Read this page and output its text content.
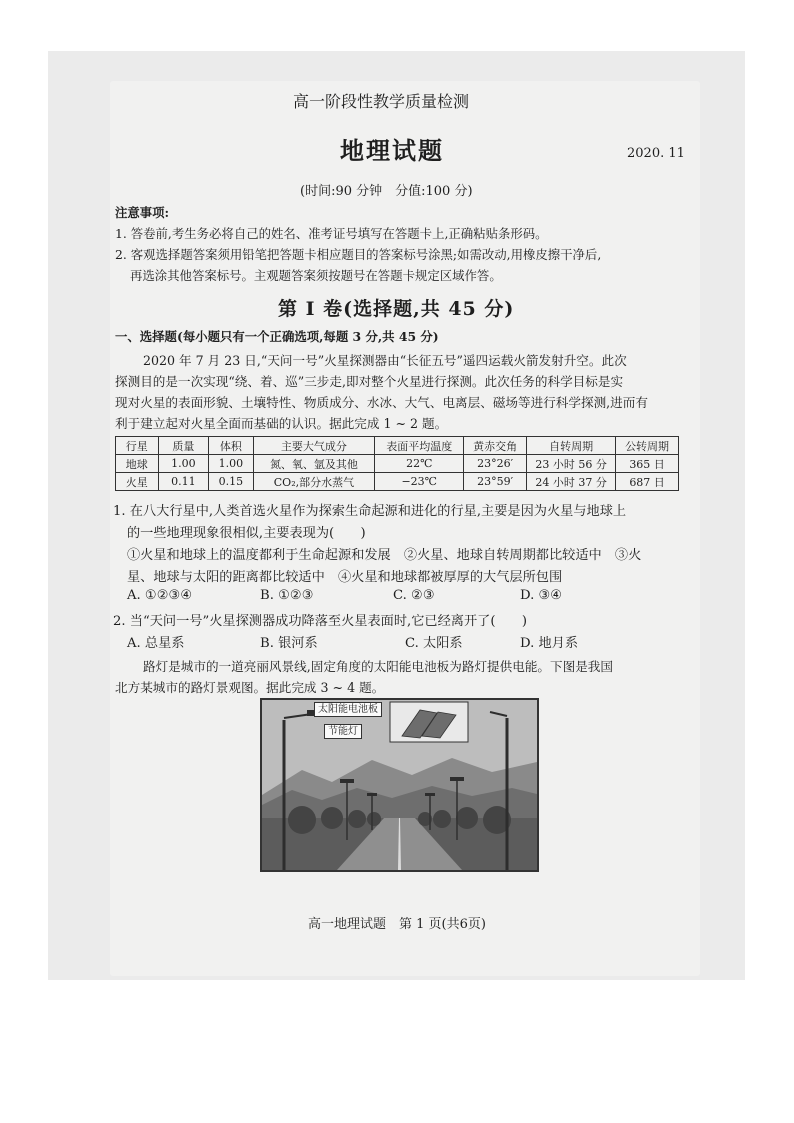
高一阶段性教学质量检测
地理试题	2020. 11
(时间:90 分钟　分值:100 分)
注意事项:
1. 答卷前,考生务必将自己的姓名、准考证号填写在答题卡上,正确粘贴条形码。
2. 客观选择题答案须用铅笔把答题卡相应题目的答案标号涂黑;如需改动,用橡皮擦干净后,
再选涂其他答案标号。主观题答案须按题号在答题卡规定区域作答。
第 I 卷(选择题,共 45 分)
一、选择题(每小题只有一个正确选项,每题 3 分,共 45 分)
2020 年 7 月 23 日,“天问一号”火星探测器由“长征五号”遥四运载火箭发射升空。此次
探测目的是一次实现“绕、着、巡”三步走,即对整个火星进行探测。此次任务的科学目标是实
现对火星的表面形貌、土壤特性、物质成分、水冰、大气、电离层、磁场等进行科学探测,进而有
利于建立起对火星全面而基础的认识。据此完成 1 ~ 2 题。
行星	质量	体积	主要大气成分	表面平均温度	黄赤交角	自转周期	公转周期
地球	1.00	1.00	氮、氧、氩及其他	22℃	23°26′	23 小时 56 分	365 日
火星	0.11	0.15	CO₂,部分水蒸气	−23℃	23°59′	24 小时 37 分	687 日
1. 在八大行星中,人类首选火星作为探索生命起源和进化的行星,主要是因为火星与地球上
的一些地理现象很相似,主要表现为(　　)
①火星和地球上的温度都利于生命起源和发展　②火星、地球自转周期都比较适中　③火
星、地球与太阳的距离都比较适中　④火星和地球都被厚厚的大气层所包围
A. ①②③④	B. ①②③	C. ②③	D. ③④
2. 当“天问一号”火星探测器成功降落至火星表面时,它已经离开了(　　)
A. 总星系	B. 银河系	C. 太阳系	D. 地月系
路灯是城市的一道亮丽风景线,固定角度的太阳能电池板为路灯提供电能。下图是我国
北方某城市的路灯景观图。据此完成 3 ~ 4 题。
太阳能电池板
节能灯
高一地理试题　第 1 页(共6页)
